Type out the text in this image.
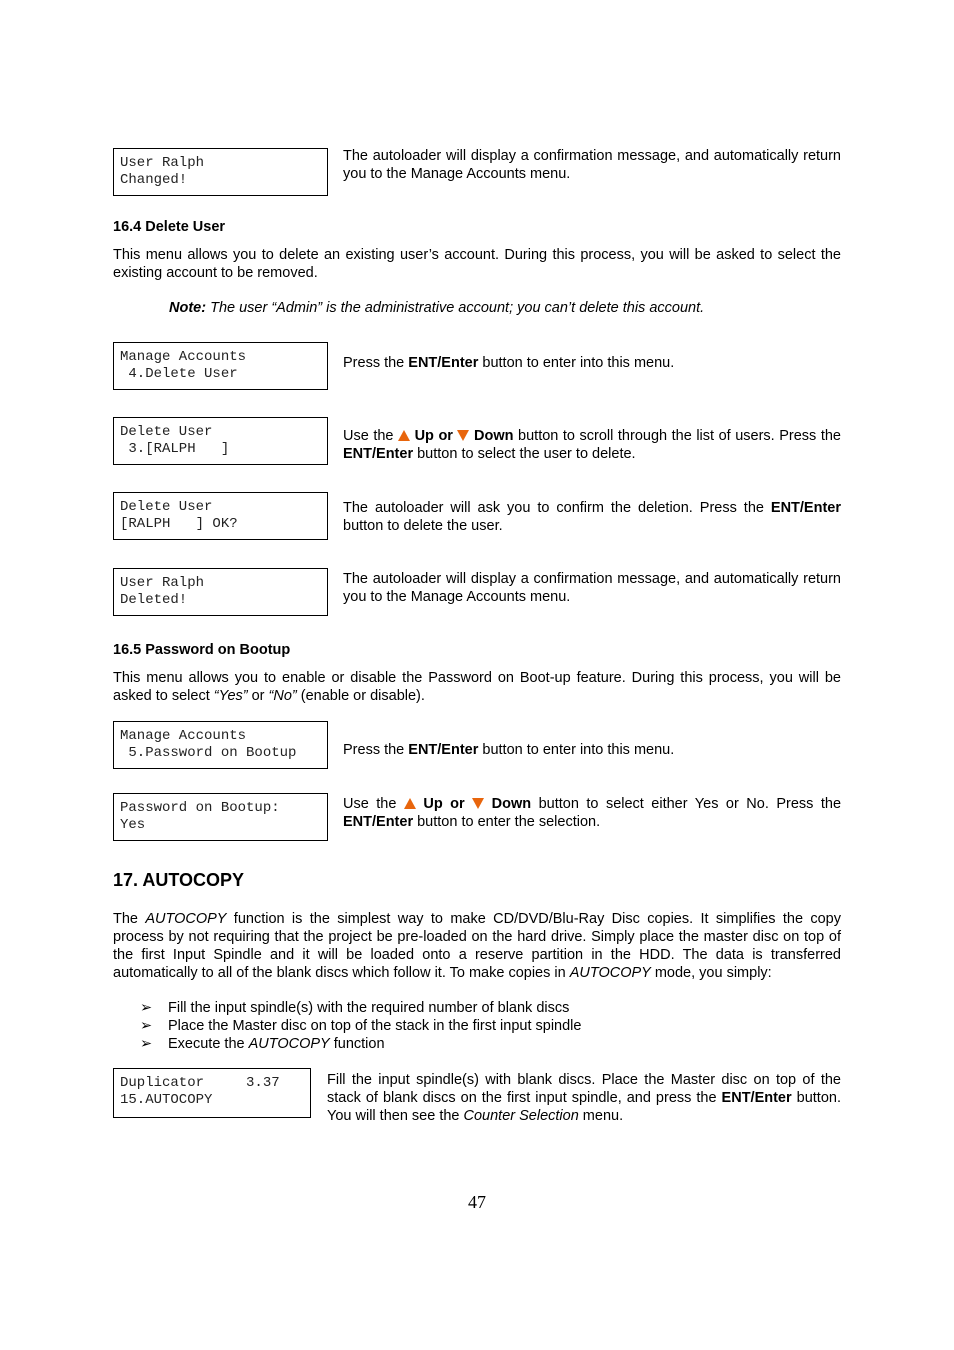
User Ralph
Changed!
The autoloader will display a confirmation message, and automatically return you to the Manage Accounts menu.
16.4 Delete User
This menu allows you to delete an existing user’s account. During this process, you will be asked to select the existing account to be removed.
Note: The user “Admin” is the administrative account; you can’t delete this account.
Manage Accounts
4.Delete User
Press the ENT/Enter button to enter into this menu.
Delete User
3.[RALPH   ]
Use the  Up or  Down button to scroll through the list of users. Press the ENT/Enter button to select the user to delete.
Delete User
[RALPH   ] OK?
The autoloader will ask you to confirm the deletion. Press the ENT/Enter button to delete the user.
User Ralph
Deleted!
The autoloader will display a confirmation message, and automatically return you to the Manage Accounts menu.
16.5 Password on Bootup
This menu allows you to enable or disable the Password on Boot-up feature. During this process, you will be asked to select “Yes” or “No” (enable or disable).
Manage Accounts
5.Password on Bootup	Press the ENT/Enter button to enter into this menu.
Password on Bootup:
Yes
Use the  Up or  Down button to select either Yes or No. Press the ENT/Enter button to enter the selection.
17. AUTOCOPY
The AUTOCOPY function is the simplest way to make CD/DVD/Blu-Ray Disc copies. It simplifies the copy process by not requiring that the project be pre-loaded on the hard drive. Simply place the master disc on top of the first Input Spindle and it will be loaded onto a reserve partition in the HDD. The data is transferred automatically to all of the blank discs which follow it. To make copies in AUTOCOPY mode, you simply:
➢	Fill the input spindle(s) with the required number of blank discs
➢	Place the Master disc on top of the stack in the first input spindle
➢	Execute the AUTOCOPY function
Duplicator     3.37
15.AUTOCOPY
Fill the input spindle(s) with blank discs. Place the Master disc on top of the stack of blank discs on the first input spindle, and press the ENT/Enter button. You will then see the Counter Selection menu.
47
